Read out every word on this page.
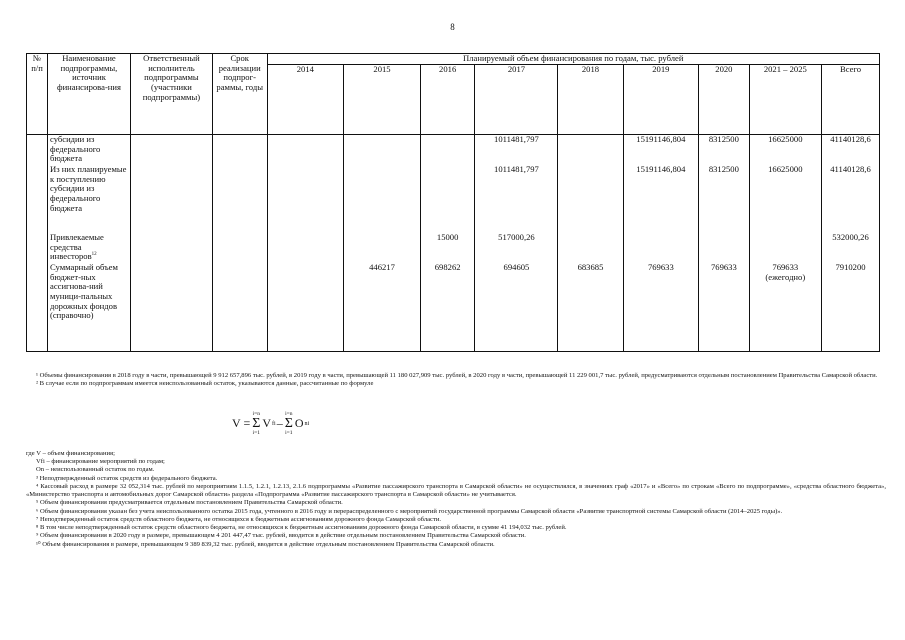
8
№ п/п	Наименование подпрограммы, источник финансирова-ния	Ответственный исполнитель подпрограммы (участники подпрограммы)	Срок реализации подпрог-раммы, годы	Планируемый объем финансирования по годам, тыс. рублей								
				2014	2015	2016	2017	2018	2019	2020	2021 – 2025	Всего
	субсидии из федерального бюджета						1011481,797		15191146,804	8312500	16625000	41140128,6
	Из них планируемые к поступлению субсидии из федерального бюджета						1011481,797		15191146,804	8312500	16625000	41140128,6
	Привлекаемые средства инвесторов$^{12}$					15000	517000,26					532000,26
	Суммарный объем бюджет-ных ассигнова-ний муници-пальных дорожных фондов (справочно)				446217	698262	694605	683685	769633	769633	769633 (ежегодно)	7910200

¹ Объемы финансирования в 2018 году в части, превышающей 9 912 657,896 тыс. рублей, в 2019 году в части, превышающей 11 180 027,909 тыс. рублей, в 2020 году в части, превышающей 11 229 001,7 тыс. рублей, предусматриваются отдельным постановлением Правительства Самарской области.

² В случае если по подпрограммам имеется неиспользованный остаток, указываются данные, рассчитанные по формуле

V =
i=n
Σ
i=1
V fi –
i=n
Σ
i=1
O ni

где V – объем финансирования;

Vfi – финансирование мероприятий по годам;

On – неиспользованный остаток по годам.

³ Неподтвержденный остаток средств из федерального бюджета.

⁴ Кассовый расход в размере 32 052,314 тыс. рублей по мероприятиям 1.1.5, 1.2.1, 1.2.13, 2.1.6 подпрограммы «Развитие пассажирского транспорта в Самарской области» не осуществлялся, в значениях граф «2017» и «Всего» по строкам «Всего по подпрограмме», «средства областного бюджета», «Министерство транспорта и автомобильных дорог Самарской области» раздела «Подпрограмма «Развитие пассажирского транспорта в Самарской области» не учитывается.

⁵ Объем финансирования предусматривается отдельным постановлением Правительства Самарской области.

⁶ Объем финансирования указан без учета неиспользованного остатка 2015 года, учтенного в 2016 году и перераспределенного с мероприятий государственной программы Самарской области «Развитие транспортной системы Самарской области (2014–2025 годы)».

⁷ Неподтвержденный остаток средств областного бюджета, не относящихся к бюджетным ассигнованиям дорожного фонда Самарской области.

⁸ В том числе неподтвержденный остаток средств областного бюджета, не относящихся к бюджетным ассигнованиям дорожного фонда Самарской области, в сумме 41 194,032 тыс. рублей.

⁹ Объем финансирования в 2020 году в размере, превышающем 4 201 447,47 тыс. рублей, вводится в действие отдельным постановлением Правительства Самарской области.

¹⁰ Объем финансирования в размере, превышающем 9 389 839,32 тыс. рублей, вводится в действие отдельным постановлением Правительства Самарской области.
